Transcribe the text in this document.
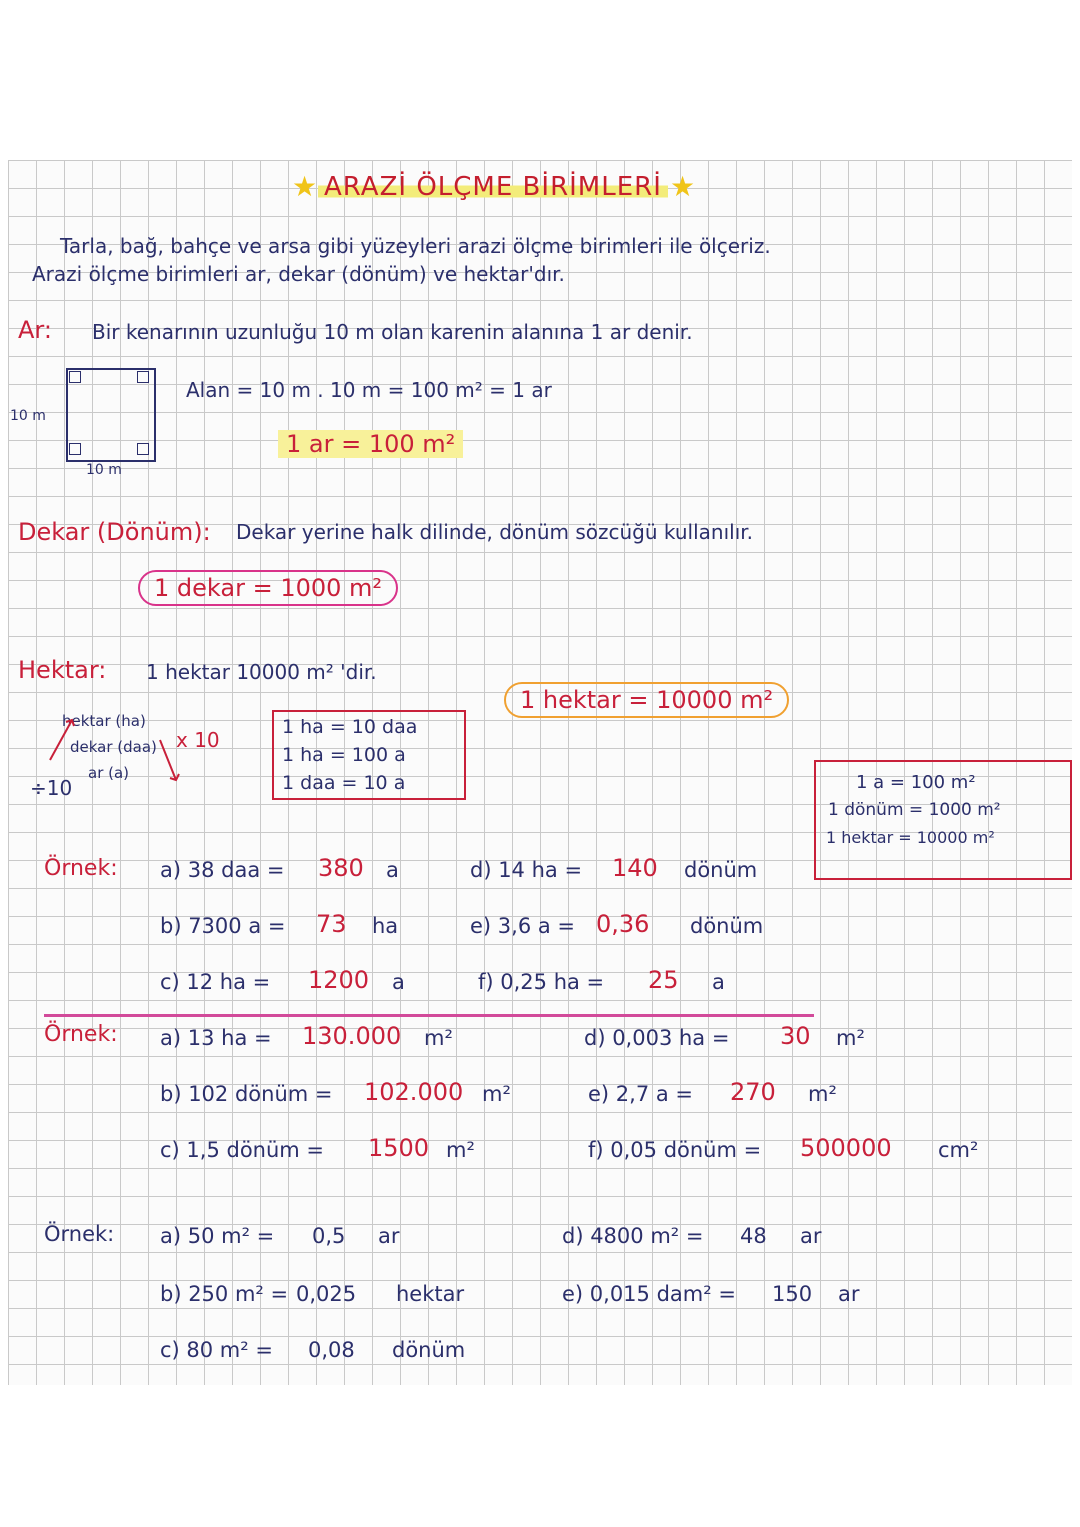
★ ARAZİ ÖLÇME BİRİMLERİ ★
Tarla, bağ, bahçe ve arsa gibi yüzeyleri arazi ölçme birimleri ile ölçeriz.
Arazi ölçme birimleri ar, dekar (dönüm) ve hektar'dır.
Ar: Bir kenarının uzunluğu 10 m olan karenin alanına 1 ar denir.
10 m
10 m
Alan = 10 m . 10 m = 100 m² = 1 ar
1 ar = 100 m²
Dekar (Dönüm): Dekar yerine halk dilinde, dönüm sözcüğü kullanılır.
1 dekar = 1000 m²
Hektar: 1 hektar 10000 m² 'dir.
1 hektar = 10000 m²
hektar (ha)
dekar (daa)
ar (a)
x 10
÷10
1 ha = 10 daa
1 ha = 100 a
1 daa = 10 a	1 a = 100 m²
1 dönüm = 1000 m²
1 hektar = 10000 m²
Örnek: a) 38 daa = 380 a
b) 7300 a = 73 ha
c) 12 ha = 1200 a
d) 14 ha = 140 dönüm
e) 3,6 a = 0,36 dönüm
f) 0,25 ha = 25 a
Örnek: a) 13 ha = 130.000 m²
b) 102 dönüm = 102.000 m²
c) 1,5 dönüm = 1500 m²
d) 0,003 ha = 30 m²
e) 2,7 a = 270 m²
f) 0,05 dönüm = 500000 cm²
Örnek: a) 50 m² = 0,5 ar
b) 250 m² = 0,025 hektar
c) 80 m² = 0,08 dönüm
d) 4800 m² = 48 ar
e) 0,015 dam² = 150 ar
